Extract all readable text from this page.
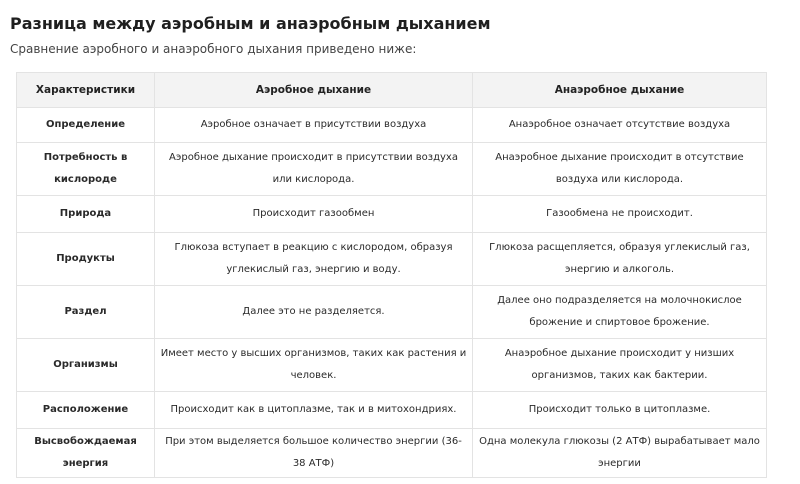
Разница между аэробным и анаэробным дыханием

Сравнение аэробного и анаэробного дыхания приведено ниже:

Характеристики	Аэробное дыхание	Анаэробное дыхание
Определение	Аэробное означает в присутствии воздуха	Анаэробное означает отсутствие воздуха
Потребность в кислороде	Аэробное дыхание происходит в присутствии воздуха или кислорода.	Анаэробное дыхание происходит в отсутствие воздуха или кислорода.
Природа	Происходит газообмен	Газообмена не происходит.
Продукты	Глюкоза вступает в реакцию с кислородом, образуя углекислый газ, энергию и воду.	Глюкоза расщепляется, образуя углекислый газ, энергию и алкоголь.
Раздел	Далее это не разделяется.	Далее оно подразделяется на молочнокислое брожение и спиртовое брожение.
Организмы	Имеет место у высших организмов, таких как растения и человек.	Анаэробное дыхание происходит у низших организмов, таких как бактерии.
Расположение	Происходит как в цитоплазме, так и в митохондриях.	Происходит только в цитоплазме.
Высвобождаемая энергия	При этом выделяется большое количество энергии (36-38 АТФ)	Одна молекула глюкозы (2 АТФ) вырабатывает мало энергии
